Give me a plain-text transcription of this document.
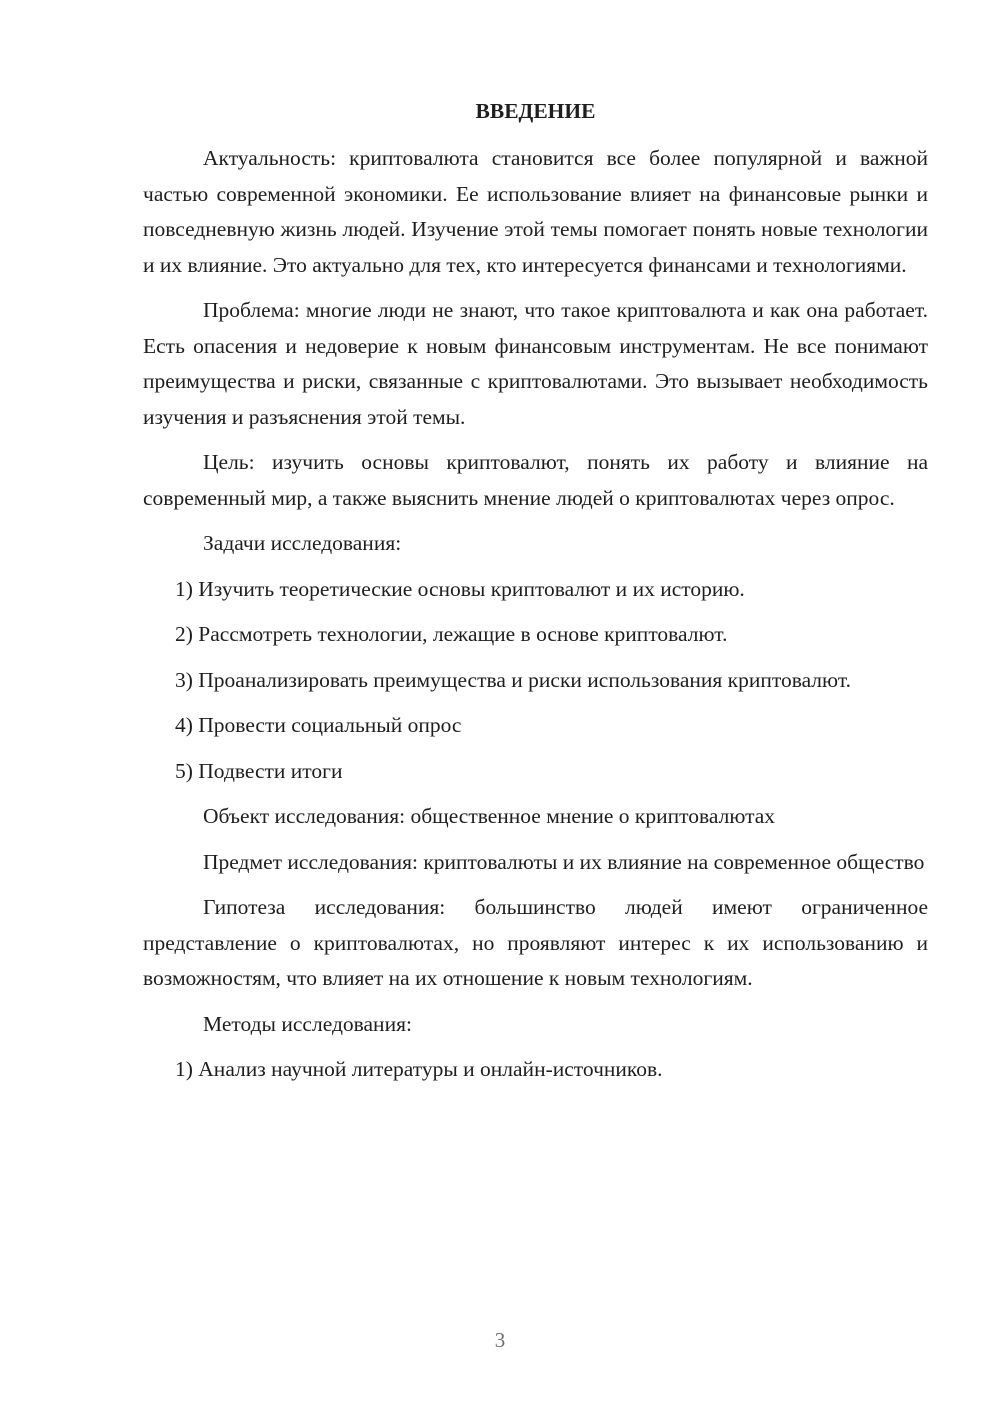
ВВЕДЕНИЕ

Актуальность: криптовалюта становится все более популярной и важной частью современной экономики. Ее использование влияет на финансовые рынки и повседневную жизнь людей. Изучение этой темы помогает понять новые технологии и их влияние. Это актуально для тех, кто интересуется финансами и технологиями.

Проблема: многие люди не знают, что такое криптовалюта и как она работает. Есть опасения и недоверие к новым финансовым инструментам. Не все понимают преимущества и риски, связанные с криптовалютами. Это вызывает необходимость изучения и разъяснения этой темы.

Цель: изучить основы криптовалют, понять их работу и влияние на современный мир, а также выяснить мнение людей о криптовалютах через опрос.

Задачи исследования:

1) Изучить теоретические основы криптовалют и их историю.

2) Рассмотреть технологии, лежащие в основе криптовалют.

3) Проанализировать преимущества и риски использования криптовалют.

4) Провести социальный опрос

5) Подвести итоги

Объект исследования: общественное мнение о криптовалютах

Предмет исследования: криптовалюты и их влияние на современное общество

Гипотеза исследования: большинство людей имеют ограниченное представление о криптовалютах, но проявляют интерес к их использованию и возможностям, что влияет на их отношение к новым технологиям.

Методы исследования:

1) Анализ научной литературы и онлайн-источников.

3
